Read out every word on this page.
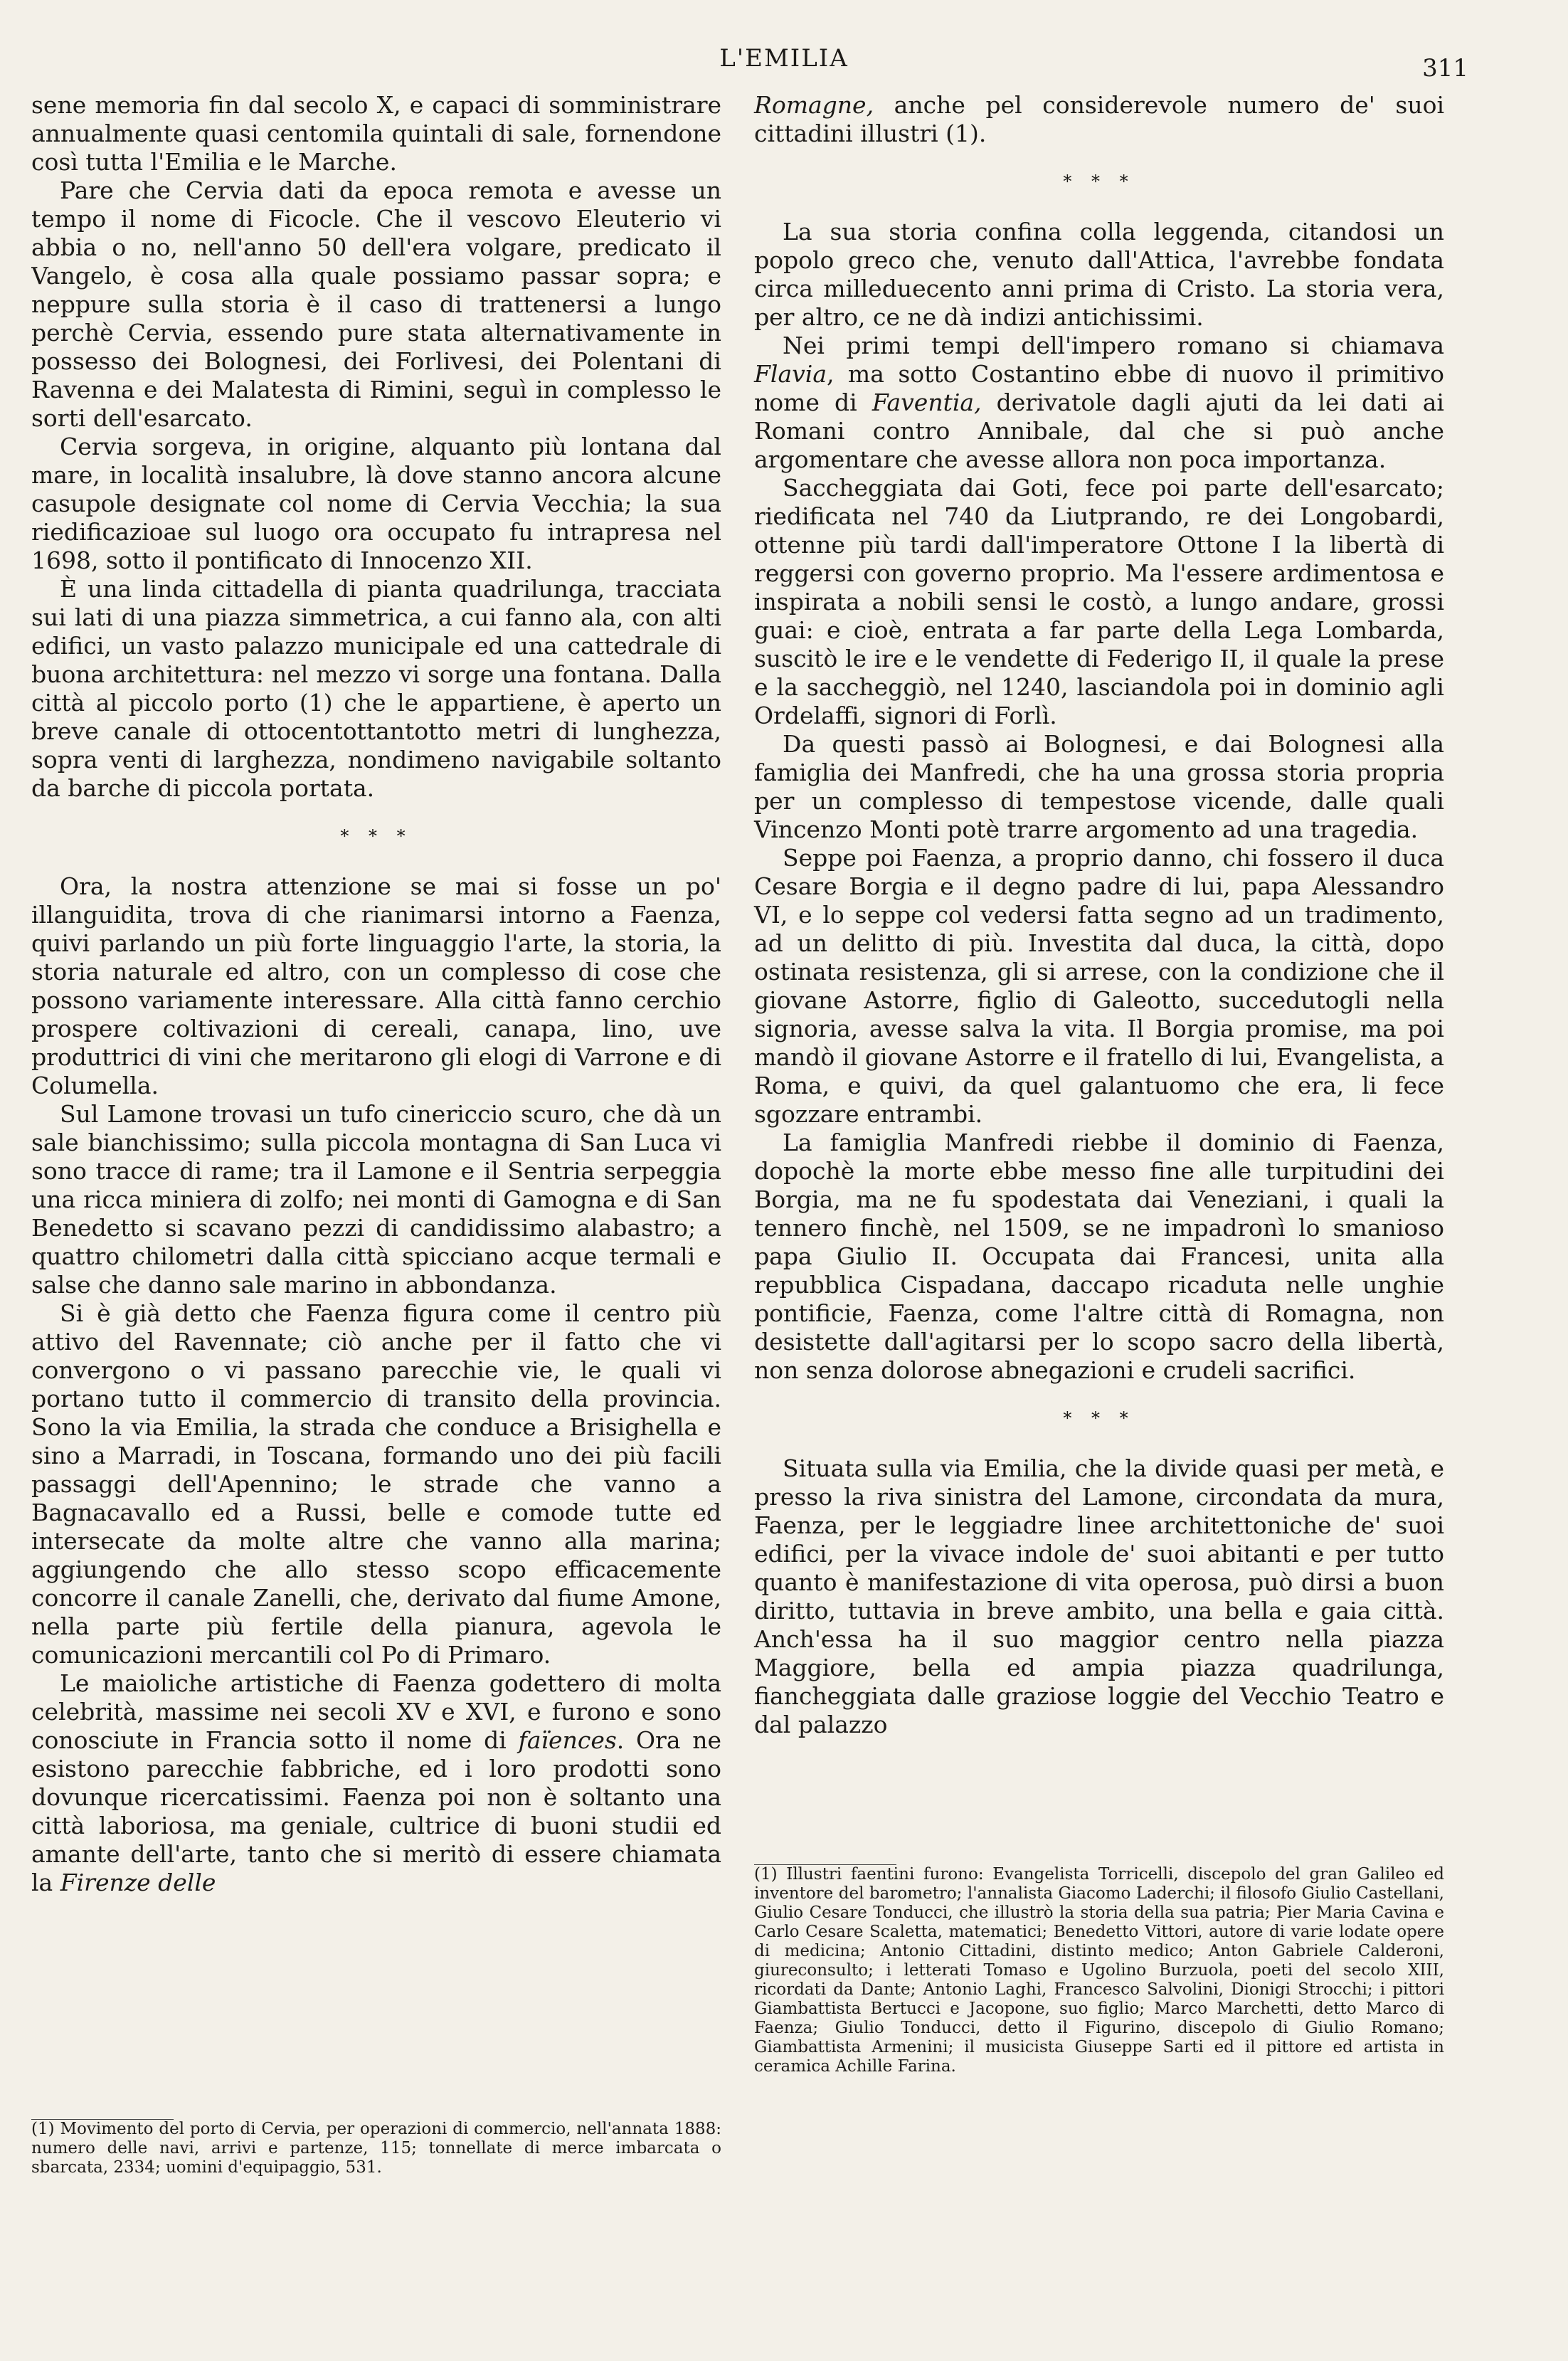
L'EMILIA	311

sene memoria fin dal secolo X, e capaci di somministrare annualmente quasi centomila quintali di sale, fornendone così tutta l'Emilia e le Marche.

Pare che Cervia dati da epoca remota e avesse un tempo il nome di Ficocle. Che il vescovo Eleuterio vi abbia o no, nell'anno 50 dell'era volgare, predicato il Vangelo, è cosa alla quale possiamo passar sopra; e neppure sulla storia è il caso di trattenersi a lungo perchè Cervia, essendo pure stata alternativamente in possesso dei Bolognesi, dei Forlivesi, dei Polentani di Ravenna e dei Malatesta di Rimini, seguì in complesso le sorti dell'esarcato.

Cervia sorgeva, in origine, alquanto più lontana dal mare, in località insalubre, là dove stanno ancora alcune casupole designate col nome di Cervia Vecchia; la sua riedificazioae sul luogo ora occupato fu intrapresa nel 1698, sotto il pontificato di Innocenzo XII.

È una linda cittadella di pianta quadrilunga, tracciata sui lati di una piazza simmetrica, a cui fanno ala, con alti edifici, un vasto palazzo municipale ed una cattedrale di buona architettura: nel mezzo vi sorge una fontana. Dalla città al piccolo porto (1) che le appartiene, è aperto un breve canale di ottocentottantotto metri di lunghezza, sopra venti di larghezza, nondimeno navigabile soltanto da barche di piccola portata.

* * *

Ora, la nostra attenzione se mai si fosse un po' illanguidita, trova di che rianimarsi intorno a Faenza, quivi parlando un più forte linguaggio l'arte, la storia, la storia naturale ed altro, con un complesso di cose che possono variamente interessare. Alla città fanno cerchio prospere coltivazioni di cereali, canapa, lino, uve produttrici di vini che meritarono gli elogi di Varrone e di Columella.

Sul Lamone trovasi un tufo cinericcio scuro, che dà un sale bianchissimo; sulla piccola montagna di San Luca vi sono tracce di rame; tra il Lamone e il Sentria serpeggia una ricca miniera di zolfo; nei monti di Gamogna e di San Benedetto si scavano pezzi di candidissimo alabastro; a quattro chilometri dalla città spicciano acque termali e salse che danno sale marino in abbondanza.

Si è già detto che Faenza figura come il centro più attivo del Ravennate; ciò anche per il fatto che vi convergono o vi passano parecchie vie, le quali vi portano tutto il commercio di transito della provincia. Sono la via Emilia, la strada che conduce a Brisighella e sino a Marradi, in Toscana, formando uno dei più facili passaggi dell'Apennino; le strade che vanno a Bagnacavallo ed a Russi, belle e comode tutte ed intersecate da molte altre che vanno alla marina; aggiungendo che allo stesso scopo efficacemente concorre il canale Zanelli, che, derivato dal fiume Amone, nella parte più fertile della pianura, agevola le comunicazioni mercantili col Po di Primaro.

Le maioliche artistiche di Faenza godettero di molta celebrità, massime nei secoli XV e XVI, e furono e sono conosciute in Francia sotto il nome di faïences. Ora ne esistono parecchie fabbriche, ed i loro prodotti sono dovunque ricercatissimi. Faenza poi non è soltanto una città laboriosa, ma geniale, cultrice di buoni studii ed amante dell'arte, tanto che si meritò di essere chiamata la Firenze delle

(1) Movimento del porto di Cervia, per operazioni di commercio, nell'annata 1888: numero delle navi, arrivi e partenze, 115; tonnellate di merce imbarcata o sbarcata, 2334; uomini d'equipaggio, 531.

Romagne, anche pel considerevole numero de' suoi cittadini illustri (1).

* * *

La sua storia confina colla leggenda, citandosi un popolo greco che, venuto dall'Attica, l'avrebbe fondata circa milleduecento anni prima di Cristo. La storia vera, per altro, ce ne dà indizi antichissimi.

Nei primi tempi dell'impero romano si chiamava Flavia, ma sotto Costantino ebbe di nuovo il primitivo nome di Faventia, derivatole dagli ajuti da lei dati ai Romani contro Annibale, dal che si può anche argomentare che avesse allora non poca importanza.

Saccheggiata dai Goti, fece poi parte dell'esarcato; riedificata nel 740 da Liutprando, re dei Longobardi, ottenne più tardi dall'imperatore Ottone I la libertà di reggersi con governo proprio. Ma l'essere ardimentosa e inspirata a nobili sensi le costò, a lungo andare, grossi guai: e cioè, entrata a far parte della Lega Lombarda, suscitò le ire e le vendette di Federigo II, il quale la prese e la saccheggiò, nel 1240, lasciandola poi in dominio agli Ordelaffi, signori di Forlì.

Da questi passò ai Bolognesi, e dai Bolognesi alla famiglia dei Manfredi, che ha una grossa storia propria per un complesso di tempestose vicende, dalle quali Vincenzo Monti potè trarre argomento ad una tragedia.

Seppe poi Faenza, a proprio danno, chi fossero il duca Cesare Borgia e il degno padre di lui, papa Alessandro VI, e lo seppe col vedersi fatta segno ad un tradimento, ad un delitto di più. Investita dal duca, la città, dopo ostinata resistenza, gli si arrese, con la condizione che il giovane Astorre, figlio di Galeotto, succedutogli nella signoria, avesse salva la vita. Il Borgia promise, ma poi mandò il giovane Astorre e il fratello di lui, Evangelista, a Roma, e quivi, da quel galantuomo che era, li fece sgozzare entrambi.

La famiglia Manfredi riebbe il dominio di Faenza, dopochè la morte ebbe messo fine alle turpitudini dei Borgia, ma ne fu spodestata dai Veneziani, i quali la tennero finchè, nel 1509, se ne impadronì lo smanioso papa Giulio II. Occupata dai Francesi, unita alla repubblica Cispadana, daccapo ricaduta nelle unghie pontificie, Faenza, come l'altre città di Romagna, non desistette dall'agitarsi per lo scopo sacro della libertà, non senza dolorose abnegazioni e crudeli sacrifici.

* * *

Situata sulla via Emilia, che la divide quasi per metà, e presso la riva sinistra del Lamone, circondata da mura, Faenza, per le leggiadre linee architettoniche de' suoi edifici, per la vivace indole de' suoi abitanti e per tutto quanto è manifestazione di vita operosa, può dirsi a buon diritto, tuttavia in breve ambito, una bella e gaia città. Anch'essa ha il suo maggior centro nella piazza Maggiore, bella ed ampia piazza quadrilunga, fiancheggiata dalle graziose loggie del Vecchio Teatro e dal palazzo

(1) Illustri faentini furono: Evangelista Torricelli, discepolo del gran Galileo ed inventore del barometro; l'annalista Giacomo Laderchi; il filosofo Giulio Castellani, Giulio Cesare Tonducci, che illustrò la storia della sua patria; Pier Maria Cavina e Carlo Cesare Scaletta, matematici; Benedetto Vittori, autore di varie lodate opere di medicina; Antonio Cittadini, distinto medico; Anton Gabriele Calderoni, giureconsulto; i letterati Tomaso e Ugolino Burzuola, poeti del secolo XIII, ricordati da Dante; Antonio Laghi, Francesco Salvolini, Dionigi Strocchi; i pittori Giambattista Bertucci e Jacopone, suo figlio; Marco Marchetti, detto Marco di Faenza; Giulio Tonducci, detto il Figurino, discepolo di Giulio Romano; Giambattista Armenini; il musicista Giuseppe Sarti ed il pittore ed artista in ceramica Achille Farina.
